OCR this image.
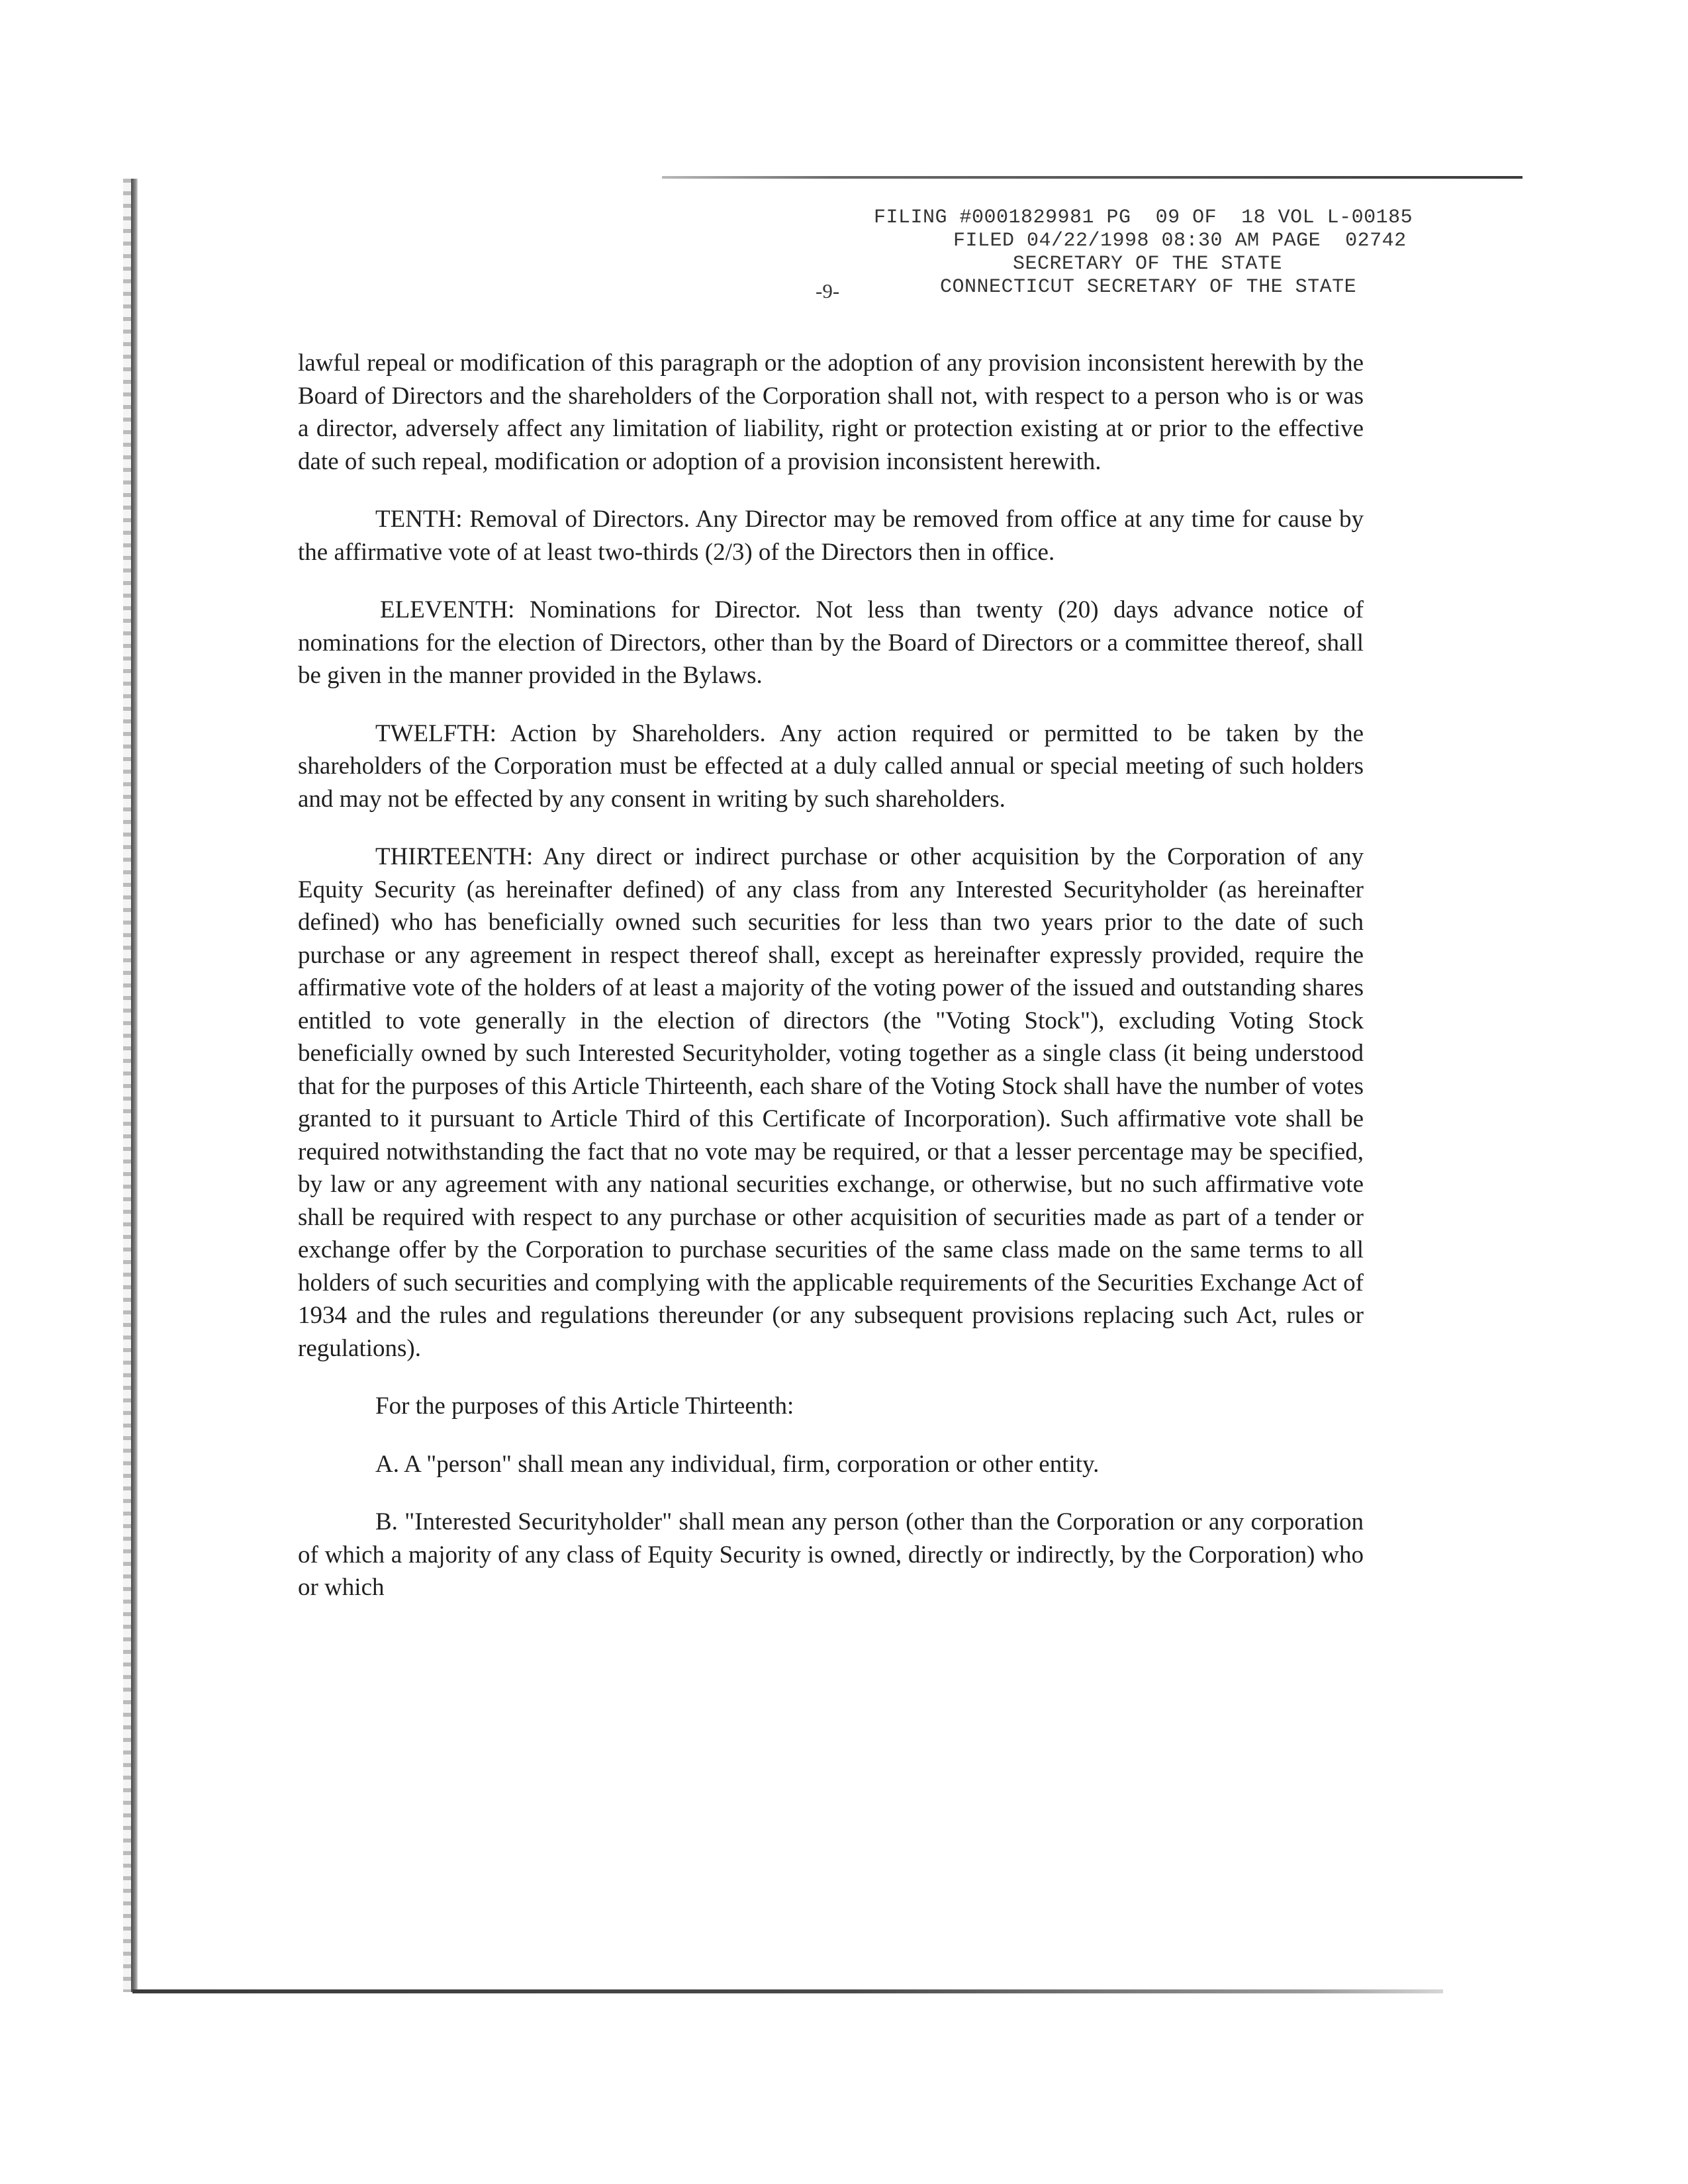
FILING #0001829981 PG  09 OF  18 VOL L-00185
FILED 04/22/1998 08:30 AM PAGE  02742
SECRETARY OF THE STATE
CONNECTICUT SECRETARY OF THE STATE
-9-

lawful repeal or modification of this paragraph or the adoption of any provision inconsistent herewith by the Board of Directors and the shareholders of the Corporation shall not, with respect to a person who is or was a director, adversely affect any limitation of liability, right or protection existing at or prior to the effective date of such repeal, modification or adoption of a provision inconsistent herewith.

TENTH: Removal of Directors. Any Director may be removed from office at any time for cause by the affirmative vote of at least two-thirds (2/3) of the Directors then in office.

ELEVENTH: Nominations for Director. Not less than twenty (20) days advance notice of nominations for the election of Directors, other than by the Board of Directors or a committee thereof, shall be given in the manner provided in the Bylaws.

TWELFTH: Action by Shareholders. Any action required or permitted to be taken by the shareholders of the Corporation must be effected at a duly called annual or special meeting of such holders and may not be effected by any consent in writing by such shareholders.

THIRTEENTH: Any direct or indirect purchase or other acquisition by the Corporation of any Equity Security (as hereinafter defined) of any class from any Interested Securityholder (as hereinafter defined) who has beneficially owned such securities for less than two years prior to the date of such purchase or any agreement in respect thereof shall, except as hereinafter expressly provided, require the affirmative vote of the holders of at least a majority of the voting power of the issued and outstanding shares entitled to vote generally in the election of directors (the "Voting Stock"), excluding Voting Stock beneficially owned by such Interested Securityholder, voting together as a single class (it being understood that for the purposes of this Article Thirteenth, each share of the Voting Stock shall have the number of votes granted to it pursuant to Article Third of this Certificate of Incorporation). Such affirmative vote shall be required notwithstanding the fact that no vote may be required, or that a lesser percentage may be specified, by law or any agreement with any national securities exchange, or otherwise, but no such affirmative vote shall be required with respect to any purchase or other acquisition of securities made as part of a tender or exchange offer by the Corporation to purchase securities of the same class made on the same terms to all holders of such securities and complying with the applicable requirements of the Securities Exchange Act of 1934 and the rules and regulations thereunder (or any subsequent provisions replacing such Act, rules or regulations).

For the purposes of this Article Thirteenth:

A. A "person" shall mean any individual, firm, corporation or other entity.

B. "Interested Securityholder" shall mean any person (other than the Corporation or any corporation of which a majority of any class of Equity Security is owned, directly or indirectly, by the Corporation) who or which
